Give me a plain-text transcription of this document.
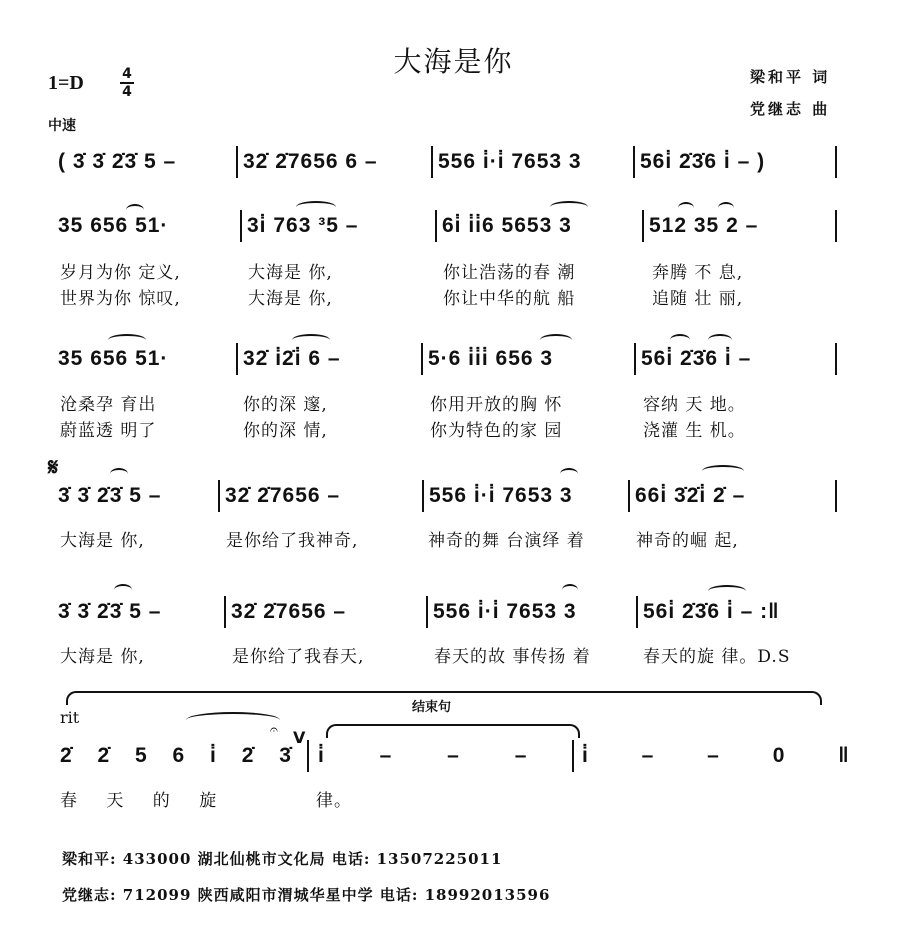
大海是你	梁和平 词
党继志 曲
1=D	4
4
中速
( 3̇ 3̇ 2̇3̇ 5 –	32̇ 2̇7656 6 –	556 i̇·i̇ 7653 3	56i̇ 2̇3̇6 i̇ – )
35 656 51·	3i̇ 763 ³5 –	6i̇ i̇i̇6 5653 3	512 35 2 –
岁月为你 定义,	大海是 你,	你让浩荡的春 潮	奔腾 不 息,
世界为你 惊叹,	大海是 你,	你让中华的航 船	追随 壮 丽,
35 656 51·	32̇ i̇2̇i̇ 6 –	5·6 i̇i̇i̇ 656 3	56i̇ 2̇3̇6 i̇ –
沧桑孕 育出	你的深 邃,	你用开放的胸 怀	容纳 天 地。
蔚蓝透 明了	你的深 情,	你为特色的家 园	浇灌 生 机。
𝄋
3̇ 3̇ 2̇3̇ 5 –	32̇ 2̇7656 –	556 i̇·i̇ 7653 3	66i̇ 3̇2̇i̇ 2̇ –
大海是 你,	是你给了我神奇,	神奇的舞 台演绎 着	神奇的崛 起,
3̇ 3̇ 2̇3̇ 5 –	32̇ 2̇7656 –	556 i̇·i̇ 7653 3	56i̇ 2̇3̇6 i̇ – :‖
大海是 你,	是你给了我春天,	春天的故 事传扬 着	春天的旋 律。D.S
结束句
rit
𝄐 V
2̇ 2̇ 5 6 i̇ 2̇ 3̇ i̇ – – –	i̇ – – 0 ‖
春 天 的 旋	律。
梁和平: 433000 湖北仙桃市文化局 电话: 13507225011
党继志: 712099 陕西咸阳市渭城华星中学 电话: 18992013596
